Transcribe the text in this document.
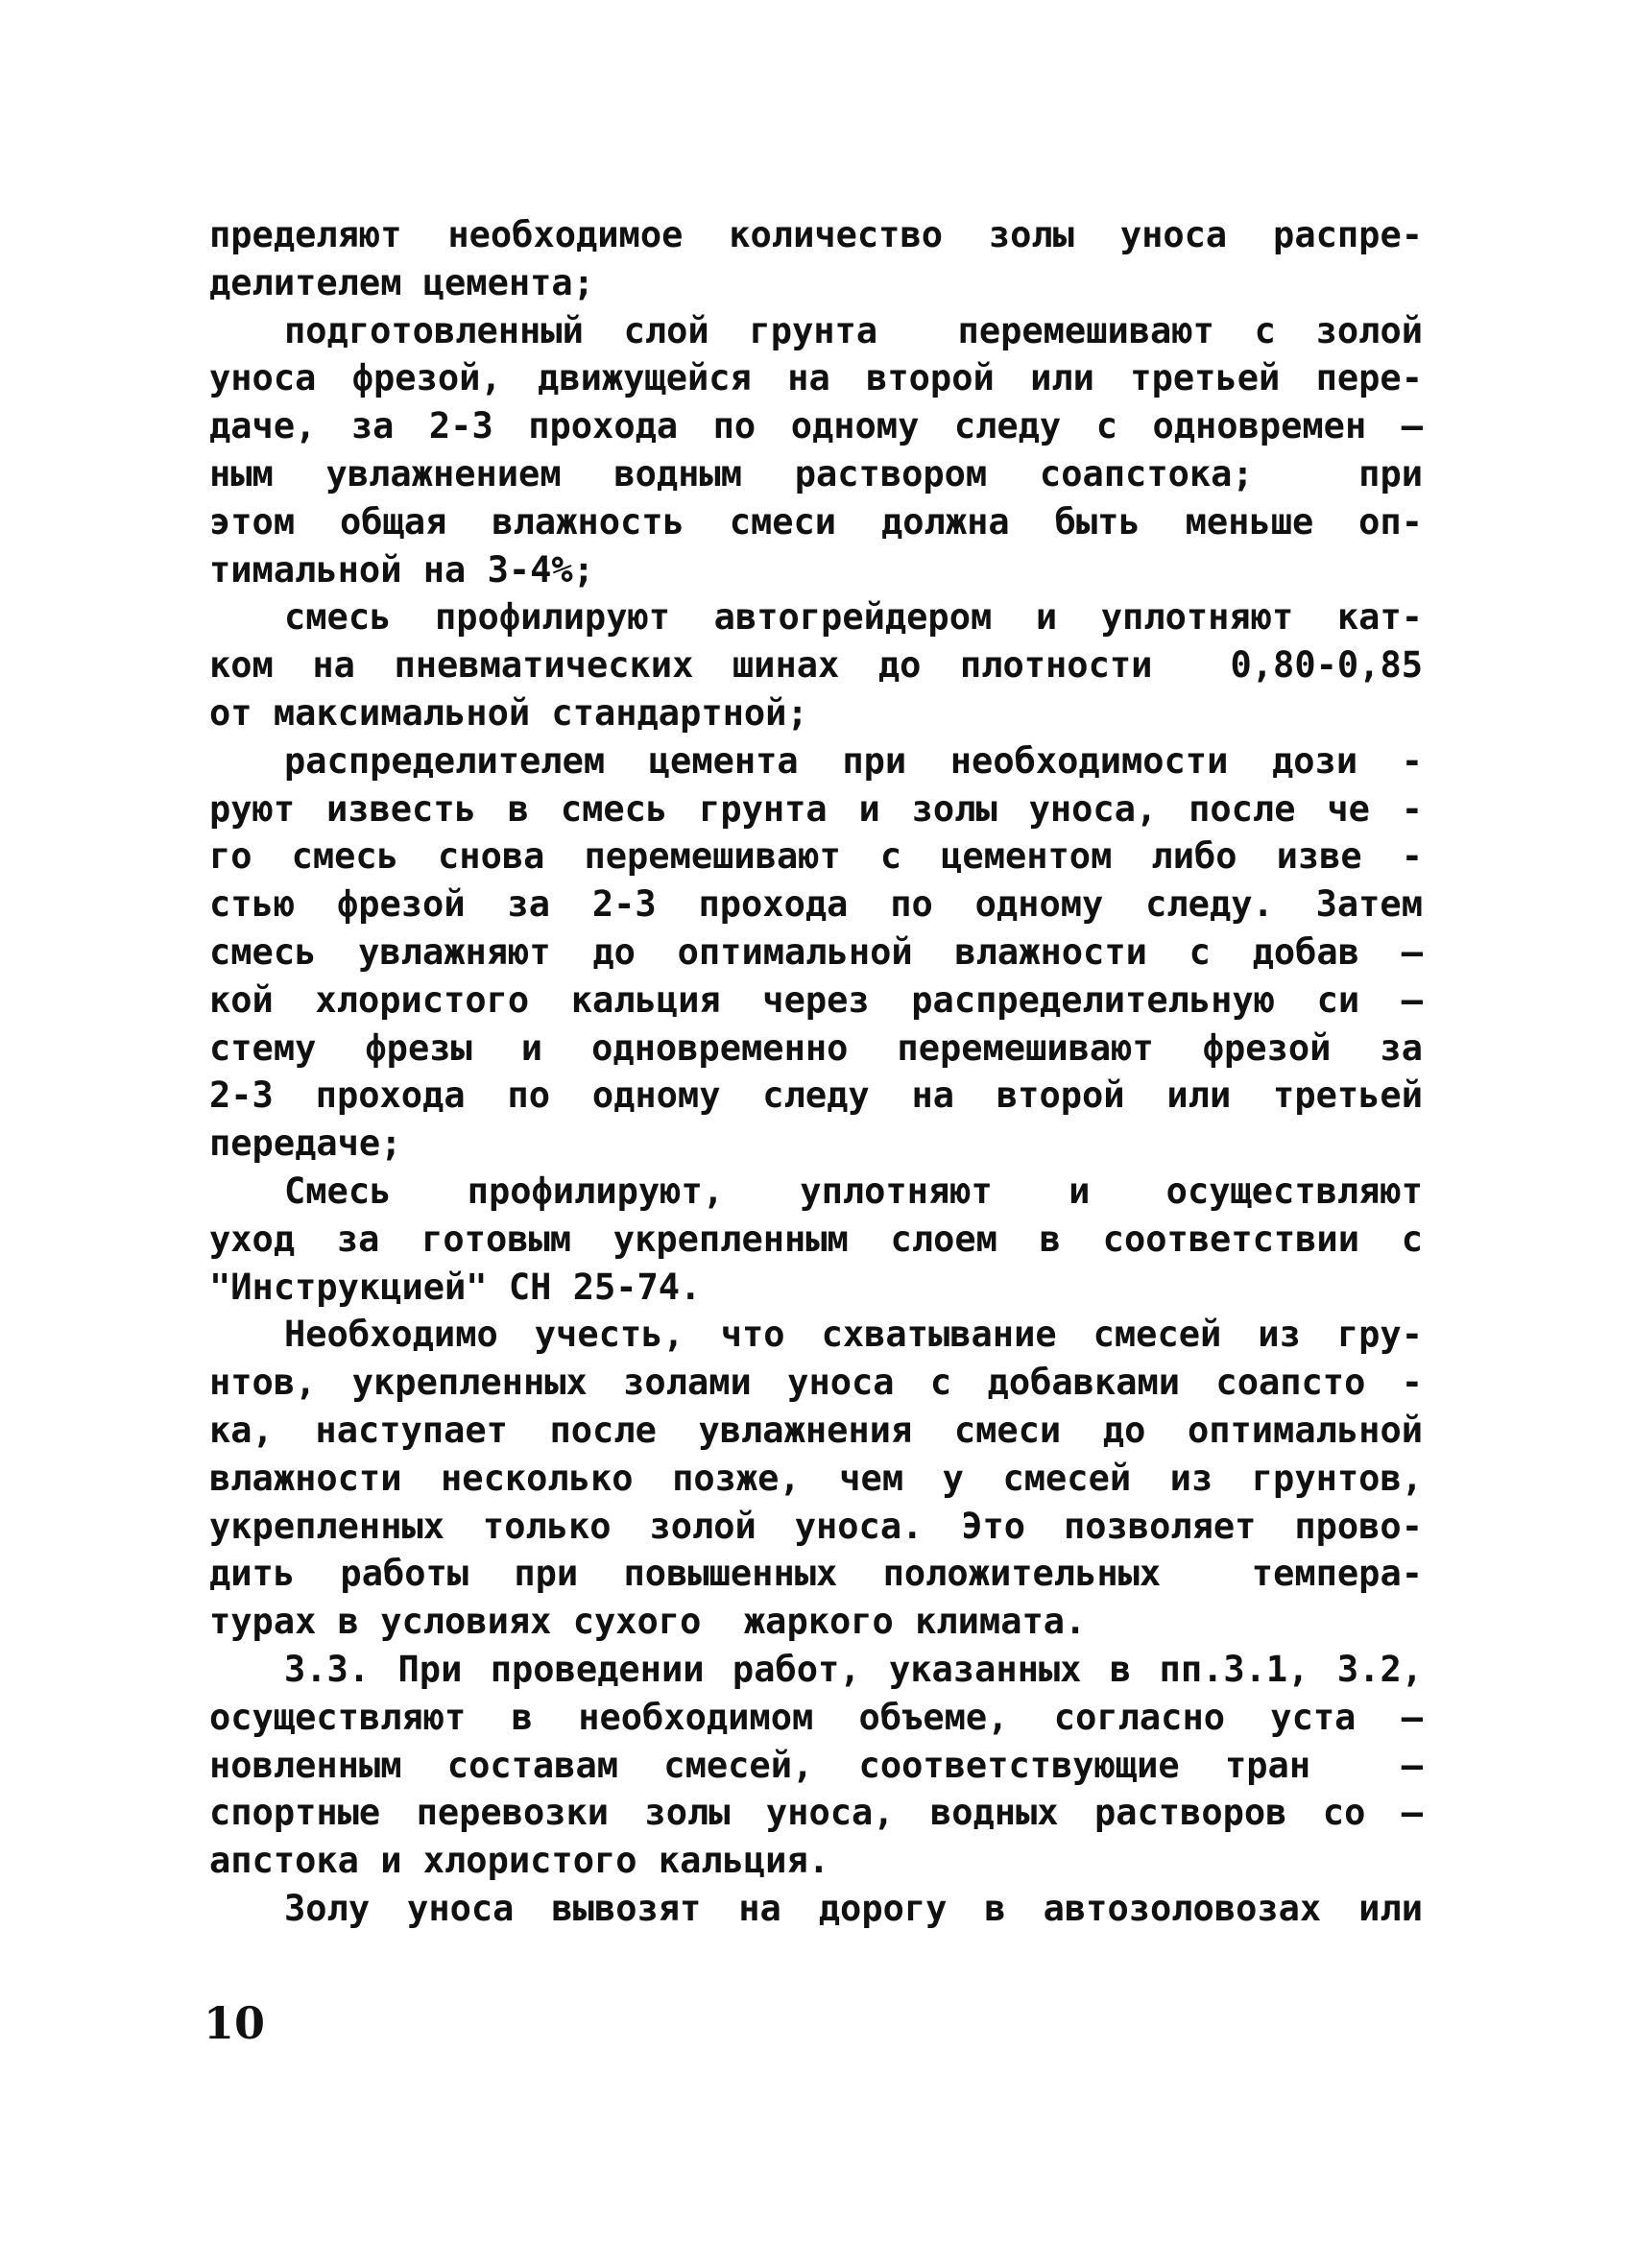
пределяют необходимое количество золы уноса распре-
делителем цемента;
подготовленный слой грунта  перемешивают с золой
уноса фрезой, движущейся на второй или третьей пере-
даче, за 2-3 прохода по одному следу с одновремен –
ным увлажнением водным раствором соапстока;  при
этом общая влажность смеси должна быть меньше оп-
тимальной на 3-4%;
смесь профилируют автогрейдером и уплотняют кат-
ком на пневматических шинах до плотности  0,80-0,85
от максимальной стандартной;
распределителем цемента при необходимости дози -
руют известь в смесь грунта и золы уноса, после че -
го смесь снова перемешивают с цементом либо изве -
стью фрезой за 2-3 прохода по одному следу. Затем
смесь увлажняют до оптимальной влажности с добав –
кой хлористого кальция через распределительную си –
стему фрезы и одновременно перемешивают фрезой за
2-3 прохода по одному следу на второй или третьей
передаче;
Смесь профилируют, уплотняют и осуществляют
уход за готовым укрепленным слоем в соответствии с
"Инструкцией" СН 25-74.
Необходимо учесть, что схватывание смесей из гру-
нтов, укрепленных золами уноса с добавками соапсто -
ка, наступает после увлажнения смеси до оптимальной
влажности несколько позже, чем у смесей из грунтов,
укрепленных только золой уноса. Это позволяет прово-
дить работы при повышенных положительных  темпера-
турах в условиях сухого  жаркого климата.
3.3. При проведении работ, указанных в пп.3.1, 3.2,
осуществляют в необходимом объеме, согласно уста –
новленным составам смесей, соответствующие тран  –
спортные перевозки золы уноса, водных растворов со –
апстока и хлористого кальция.
Золу уноса вывозят на дорогу в автозоловозах или
10
